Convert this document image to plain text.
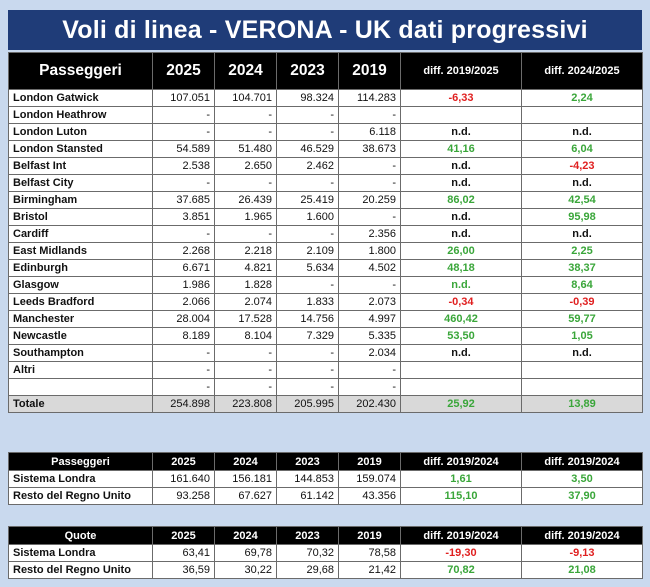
Voli di linea - VERONA - UK dati progressivi
Passeggeri	2025	2024	2023	2019	diff. 2019/2025	diff. 2024/2025
London Gatwick	107.051	104.701	98.324	114.283	-6,33	2,24
London Heathrow	-	-	-	-		
London Luton	-	-	-	6.118	n.d.	n.d.
London Stansted	54.589	51.480	46.529	38.673	41,16	6,04
Belfast Int	2.538	2.650	2.462	-	n.d.	-4,23
Belfast City	-	-	-	-	n.d.	n.d.
Birmingham	37.685	26.439	25.419	20.259	86,02	42,54
Bristol	3.851	1.965	1.600	-	n.d.	95,98
Cardiff	-	-	-	2.356	n.d.	n.d.
East Midlands	2.268	2.218	2.109	1.800	26,00	2,25
Edinburgh	6.671	4.821	5.634	4.502	48,18	38,37
Glasgow	1.986	1.828	-	-	n.d.	8,64
Leeds Bradford	2.066	2.074	1.833	2.073	-0,34	-0,39
Manchester	28.004	17.528	14.756	4.997	460,42	59,77
Newcastle	8.189	8.104	7.329	5.335	53,50	1,05
Southampton	-	-	-	2.034	n.d.	n.d.
Altri	-	-	-	-		
	-	-	-	-		
Totale	254.898	223.808	205.995	202.430	25,92	13,89
Passeggeri	2025	2024	2023	2019	diff. 2019/2024	diff. 2019/2024
Sistema Londra	161.640	156.181	144.853	159.074	1,61	3,50
Resto del Regno Unito	93.258	67.627	61.142	43.356	115,10	37,90
Quote	2025	2024	2023	2019	diff. 2019/2024	diff. 2019/2024
Sistema Londra	63,41	69,78	70,32	78,58	-19,30	-9,13
Resto del Regno Unito	36,59	30,22	29,68	21,42	70,82	21,08
